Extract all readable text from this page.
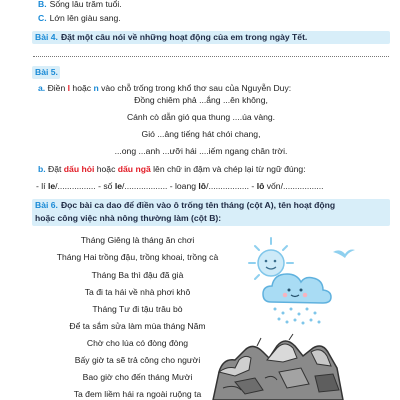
B. Sống lâu trăm tuổi.
C. Lớn lên giàu sang.
Bài 4. Đặt một câu nói về những hoạt động của em trong ngày Tết.
Bài 5.
a. Điền l hoặc n vào chỗ trống trong khổ thơ sau của Nguyễn Duy:
Đồng chiêm phả ...ắng ...ên không,
Cánh cò dẫn gió qua thung ....úa vàng.
Gió ...ảng tiếng hát chói chang,
...ong ...anh ...ưỡi hái ....iếm ngang chân trời.
b. Đặt dấu hỏi hoặc dấu ngã lên chữ in đậm và chép lại từ ngữ đúng:
- lí le/................ - số le/.................. - loang lô/................. - lô vốn/.................
Bài 6. Đọc bài ca dao để điền vào ô trống tên tháng (cột A), tên hoạt động
hoặc công việc nhà nông thường làm (cột B):
Tháng Giêng là tháng ăn chơi
Tháng Hai trồng đậu, trồng khoai, trồng cà
Tháng Ba thì đậu đã già
Ta đi ta hái về nhà phơi khô
Tháng Tư đi tậu trâu bò
Để ta sắm sửa làm mùa tháng Năm
Chờ cho lúa có đòng đòng
Bấy giờ ta sẽ trả công cho người
Bao giờ cho đến tháng Mười
Ta đem liềm hái ra ngoài ruộng ta
